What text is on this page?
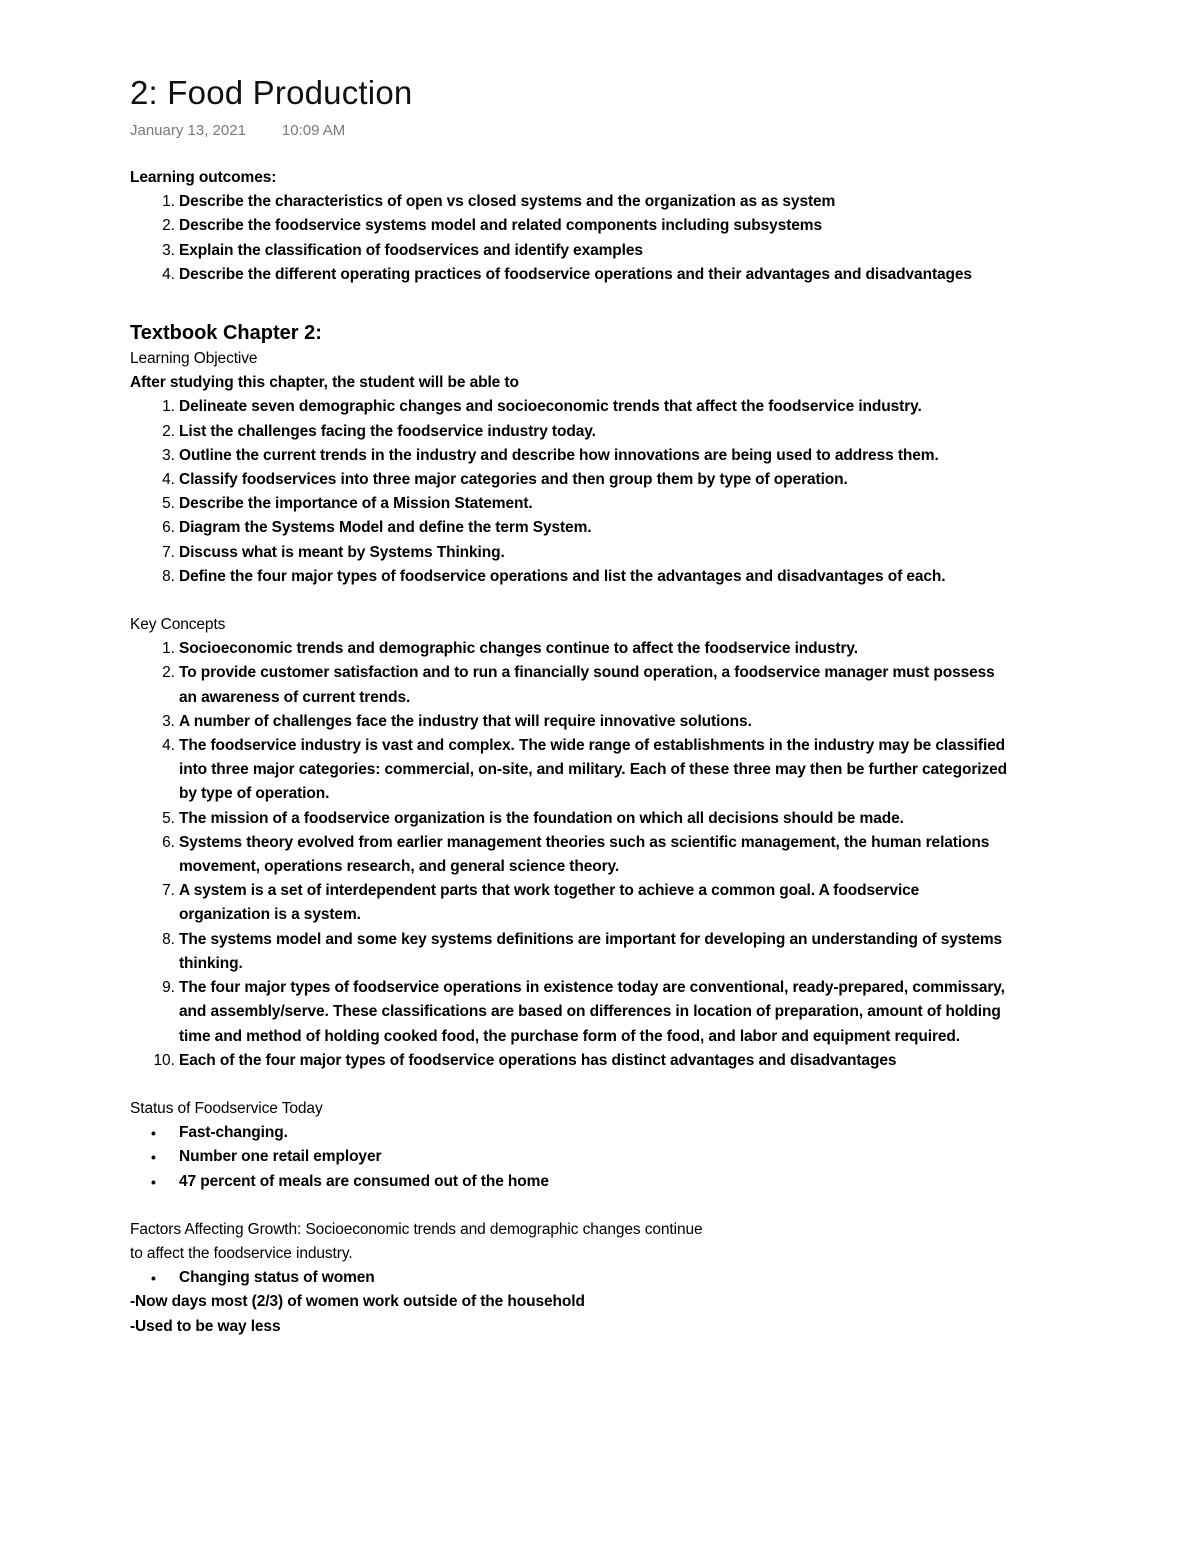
2: Food Production
January 13, 2021 10:09 AM
Learning outcomes:
1. Describe the characteristics of open vs closed systems and the organization as as system
2. Describe the foodservice systems model and related components including subsystems
3. Explain the classification of foodservices and identify examples
4. Describe the different operating practices of foodservice operations and their advantages and disadvantages
Textbook Chapter 2:
Learning Objective
After studying this chapter, the student will be able to
1. Delineate seven demographic changes and socioeconomic trends that affect the foodservice industry.
2. List the challenges facing the foodservice industry today.
3. Outline the current trends in the industry and describe how innovations are being used to address them.
4. Classify foodservices into three major categories and then group them by type of operation.
5. Describe the importance of a Mission Statement.
6. Diagram the Systems Model and define the term System.
7. Discuss what is meant by Systems Thinking.
8. Define the four major types of foodservice operations and list the advantages and disadvantages of each.
Key Concepts
1. Socioeconomic trends and demographic changes continue to affect the foodservice industry.
2. To provide customer satisfaction and to run a financially sound operation, a foodservice manager must possess an awareness of current trends.
3. A number of challenges face the industry that will require innovative solutions.
4. The foodservice industry is vast and complex. The wide range of establishments in the industry may be classified into three major categories: commercial, on-site, and military. Each of these three may then be further categorized by type of operation.
5. The mission of a foodservice organization is the foundation on which all decisions should be made.
6. Systems theory evolved from earlier management theories such as scientific management, the human relations movement, operations research, and general science theory.
7. A system is a set of interdependent parts that work together to achieve a common goal. A foodservice organization is a system.
8. The systems model and some key systems definitions are important for developing an understanding of systems thinking.
9. The four major types of foodservice operations in existence today are conventional, ready-prepared, commissary, and assembly/serve. These classifications are based on differences in location of preparation, amount of holding time and method of holding cooked food, the purchase form of the food, and labor and equipment required.
10. Each of the four major types of foodservice operations has distinct advantages and disadvantages
Status of Foodservice Today
• Fast-changing.
• Number one retail employer
• 47 percent of meals are consumed out of the home
Factors Affecting Growth: Socioeconomic trends and demographic changes continue
to affect the foodservice industry.
• Changing status of women
-Now days most (2/3) of women work outside of the household
-Used to be way less
